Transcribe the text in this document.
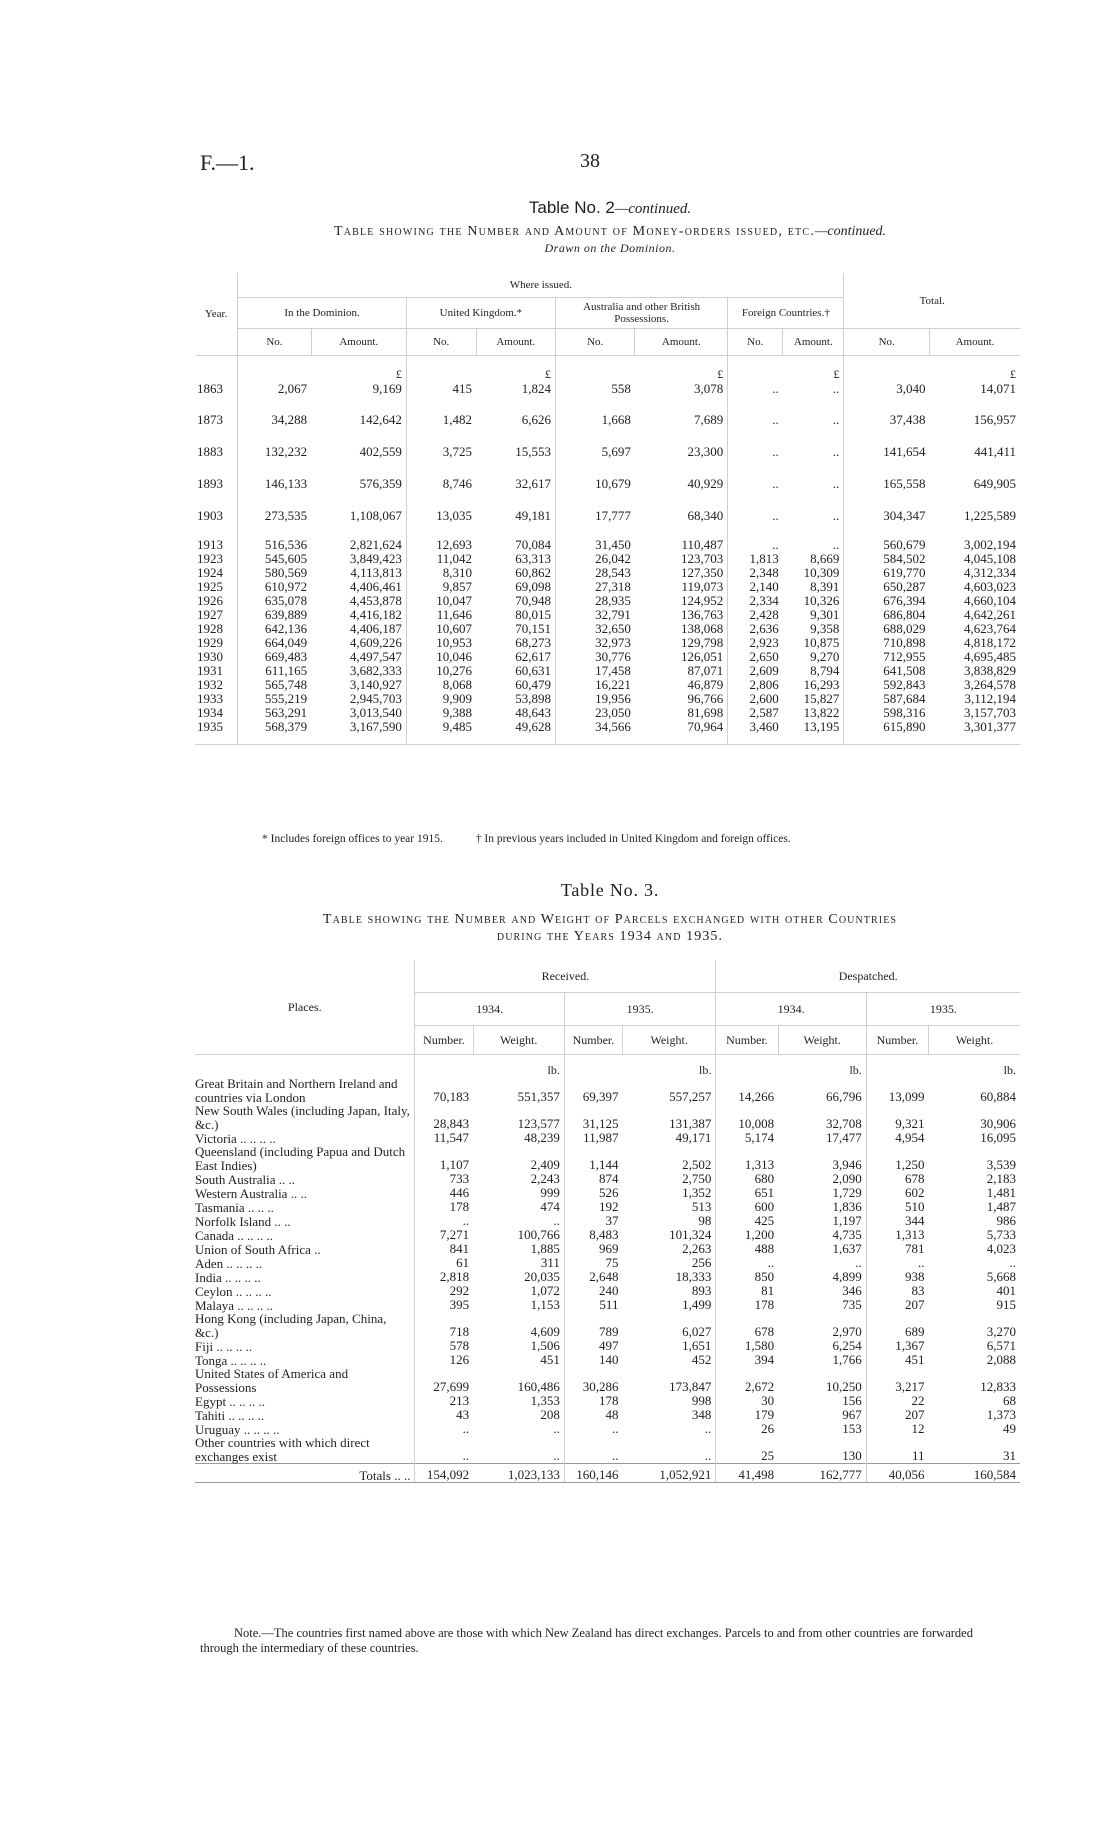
F.—1.	38
Table No. 2—continued.
Table showing the Number and Amount of Money-orders issued, etc.—continued.
Drawn on the Dominion.
Year.	Where issued.								Total.	
	In the Dominion.		United Kingdom.*		Australia and other British Possessions.		Foreign Countries.†			
	No.	Amount.	No.	Amount.	No.	Amount.	No.	Amount.	No.	Amount.
		£		£		£		£		£
1863	2,067	9,169	415	1,824	558	3,078	..	..	3,040	14,071
1873	34,288	142,642	1,482	6,626	1,668	7,689	..	..	37,438	156,957
1883	132,232	402,559	3,725	15,553	5,697	23,300	..	..	141,654	441,411
1893	146,133	576,359	8,746	32,617	10,679	40,929	..	..	165,558	649,905
1903	273,535	1,108,067	13,035	49,181	17,777	68,340	..	..	304,347	1,225,589

1913	516,536	2,821,624	12,693	70,084	31,450	110,487	..	..	560,679	3,002,194
1923	545,605	3,849,423	11,042	63,313	26,042	123,703	1,813	8,669	584,502	4,045,108
1924	580,569	4,113,813	8,310	60,862	28,543	127,350	2,348	10,309	619,770	4,312,334
1925	610,972	4,406,461	9,857	69,098	27,318	119,073	2,140	8,391	650,287	4,603,023
1926	635,078	4,453,878	10,047	70,948	28,935	124,952	2,334	10,326	676,394	4,660,104
1927	639,889	4,416,182	11,646	80,015	32,791	136,763	2,428	9,301	686,804	4,642,261
1928	642,136	4,406,187	10,607	70,151	32,650	138,068	2,636	9,358	688,029	4,623,764
1929	664,049	4,609,226	10,953	68,273	32,973	129,798	2,923	10,875	710,898	4,818,172
1930	669,483	4,497,547	10,046	62,617	30,776	126,051	2,650	9,270	712,955	4,695,485
1931	611,165	3,682,333	10,276	60,631	17,458	87,071	2,609	8,794	641,508	3,838,829
1932	565,748	3,140,927	8,068	60,479	16,221	46,879	2,806	16,293	592,843	3,264,578
1933	555,219	2,945,703	9,909	53,898	19,956	96,766	2,600	15,827	587,684	3,112,194
1934	563,291	3,013,540	9,388	48,643	23,050	81,698	2,587	13,822	598,316	3,157,703
1935	568,379	3,167,590	9,485	49,628	34,566	70,964	3,460	13,195	615,890	3,301,377

* Includes foreign offices to year 1915.	† In previous years included in United Kingdom and foreign offices.
Table No. 3.
Table showing the Number and Weight of Parcels exchanged with other Countries
during the Years 1934 and 1935.
Places.	Received.				Despatched.			
	1934.		1935.		1934.		1935.	
	Number.	Weight.	Number.	Weight.	Number.	Weight.	Number.	Weight.
		lb.		lb.		lb.		lb.
Great Britain and Northern Ireland and countries via London	70,183	551,357	69,397	557,257	14,266	66,796	13,099	60,884
New South Wales (including Japan, Italy, &c.)	28,843	123,577	31,125	131,387	10,008	32,708	9,321	30,906
Victoria .. .. .. ..	11,547	48,239	11,987	49,171	5,174	17,477	4,954	16,095
Queensland (including Papua and Dutch East Indies)	1,107	2,409	1,144	2,502	1,313	3,946	1,250	3,539
South Australia .. ..	733	2,243	874	2,750	680	2,090	678	2,183
Western Australia .. ..	446	999	526	1,352	651	1,729	602	1,481
Tasmania .. .. ..	178	474	192	513	600	1,836	510	1,487
Norfolk Island .. ..	..	..	37	98	425	1,197	344	986
Canada .. .. .. ..	7,271	100,766	8,483	101,324	1,200	4,735	1,313	5,733
Union of South Africa ..	841	1,885	969	2,263	488	1,637	781	4,023
Aden .. .. .. ..	61	311	75	256	..	..	..	..
India .. .. .. ..	2,818	20,035	2,648	18,333	850	4,899	938	5,668
Ceylon .. .. .. ..	292	1,072	240	893	81	346	83	401
Malaya .. .. .. ..	395	1,153	511	1,499	178	735	207	915
Hong Kong (including Japan, China, &c.)	718	4,609	789	6,027	678	2,970	689	3,270
Fiji .. .. .. ..	578	1,506	497	1,651	1,580	6,254	1,367	6,571
Tonga .. .. .. ..	126	451	140	452	394	1,766	451	2,088
United States of America and Possessions	27,699	160,486	30,286	173,847	2,672	10,250	3,217	12,833
Egypt .. .. .. ..	213	1,353	178	998	30	156	22	68
Tahiti .. .. .. ..	43	208	48	348	179	967	207	1,373
Uruguay .. .. .. ..	..	..	..	..	26	153	12	49
Other countries with which direct exchanges exist	..	..	..	..	25	130	11	31
Totals .. ..	154,092	1,023,133	160,146	1,052,921	41,498	162,777	40,056	160,584
Note.—The countries first named above are those with which New Zealand has direct exchanges. Parcels to and from other countries are forwarded through the intermediary of these countries.
